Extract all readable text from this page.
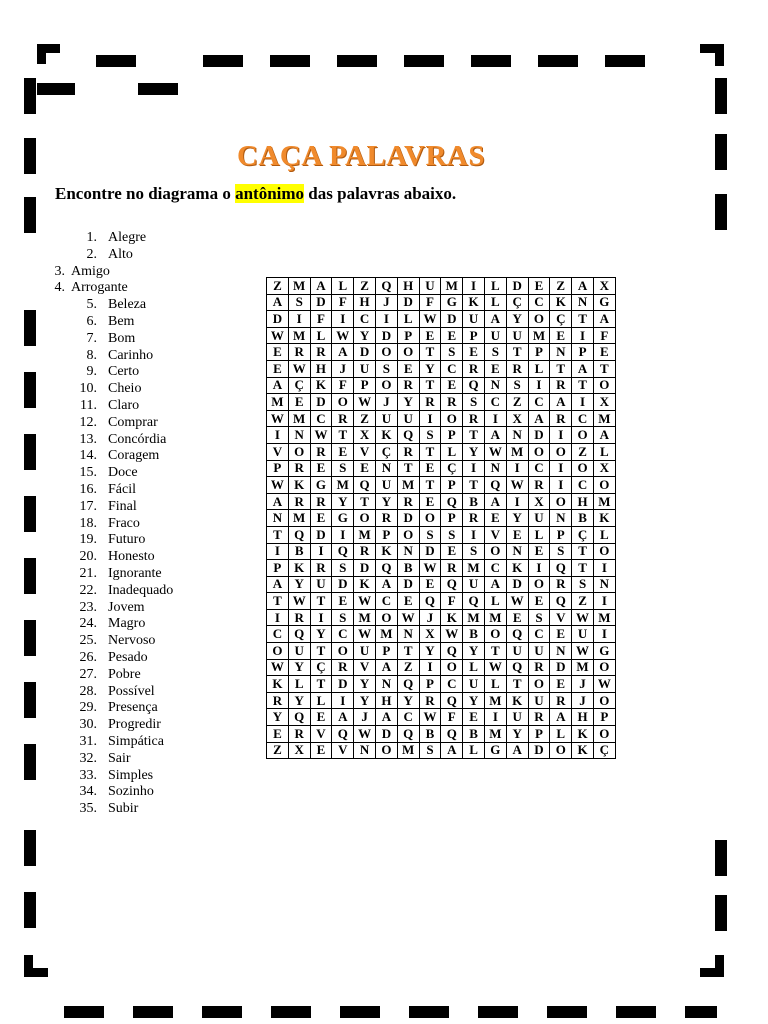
CAÇA PALAVRAS
Encontre no diagrama o antônimo das palavras abaixo.
1. Alegre
2. Alto
3. Amigo
4. Arrogante
5. Beleza
6. Bem
7. Bom
8. Carinho
9. Certo
10. Cheio
11. Claro
12. Comprar
13. Concórdia
14. Coragem
15. Doce
16. Fácil
17. Final
18. Fraco
19. Futuro
20. Honesto
21. Ignorante
22. Inadequado
23. Jovem
24. Magro
25. Nervoso
26. Pesado
27. Pobre
28. Possível
29. Presença
30. Progredir
31. Simpática
32. Sair
33. Simples
34. Sozinho
35. Subir
Z	M	A	L	Z	Q	H	U	M	I	L	D	E	Z	A	X
A	S	D	F	H	J	D	F	G	K	L	Ç	C	K	N	G
D	I	F	I	C	I	L	W	D	U	A	Y	O	Ç	T	A
W	M	L	W	Y	D	P	E	E	P	U	U	M	E	I	F
E	R	R	A	D	O	O	T	S	E	S	T	P	N	P	E
E	W	H	J	U	S	E	Y	C	R	E	R	L	T	A	T
A	Ç	K	F	P	O	R	T	E	Q	N	S	I	R	T	O
M	E	D	O	W	J	Y	R	R	S	C	Z	C	A	I	X
W	M	C	R	Z	U	U	I	O	R	I	X	A	R	C	M
I	N	W	T	X	K	Q	S	P	T	A	N	D	I	O	A
V	O	R	E	V	Ç	R	T	L	Y	W	M	O	O	Z	L
P	R	E	S	E	N	T	E	Ç	I	N	I	C	I	O	X
W	K	G	M	Q	U	M	T	P	T	Q	W	R	I	C	O
A	R	R	Y	T	Y	R	E	Q	B	A	I	X	O	H	M
N	M	E	G	O	R	D	O	P	R	E	Y	U	N	B	K
T	Q	D	I	M	P	O	S	S	I	V	E	L	P	Ç	L
I	B	I	Q	R	K	N	D	E	S	O	N	E	S	T	O
P	K	R	S	D	Q	B	W	R	M	C	K	I	Q	T	I
A	Y	U	D	K	A	D	E	Q	U	A	D	O	R	S	N
T	W	T	E	W	C	E	Q	F	Q	L	W	E	Q	Z	I
I	R	I	S	M	O	W	J	K	M	M	E	S	V	W	M
C	Q	Y	C	W	M	N	X	W	B	O	Q	C	E	U	I
O	U	T	O	U	P	T	Y	Q	Y	T	U	U	N	W	G
W	Y	Ç	R	V	A	Z	I	O	L	W	Q	R	D	M	O
K	L	T	D	Y	N	Q	P	C	U	L	T	O	E	J	W
R	Y	L	I	Y	H	Y	R	Q	Y	M	K	U	R	J	O
Y	Q	E	A	J	A	C	W	F	E	I	U	R	A	H	P
E	R	V	Q	W	D	Q	B	Q	B	M	Y	P	L	K	O
Z	X	E	V	N	O	M	S	A	L	G	A	D	O	K	Ç
